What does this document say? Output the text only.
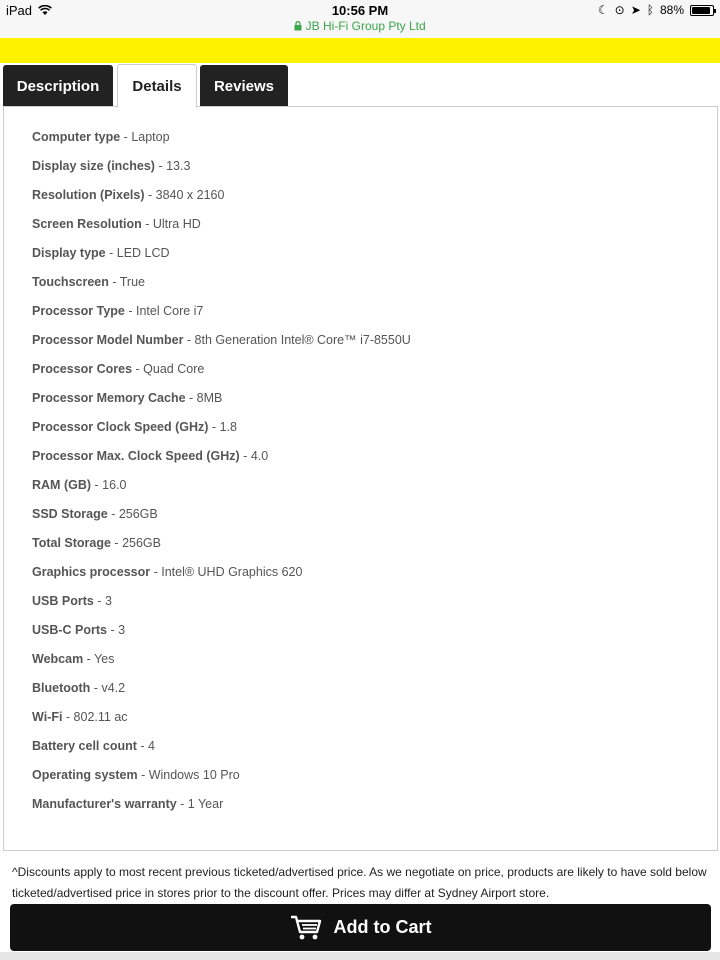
iPad	10:56 PM
JB Hi-Fi Group Pty Ltd
☾ ⊙ ➤ ᛒ 88%
Description	Details	Reviews
Computer type - Laptop
Display size (inches) - 13.3
Resolution (Pixels) - 3840 x 2160
Screen Resolution - Ultra HD
Display type - LED LCD
Touchscreen - True
Processor Type - Intel Core i7
Processor Model Number - 8th Generation Intel® Core™ i7-8550U
Processor Cores - Quad Core
Processor Memory Cache - 8MB
Processor Clock Speed (GHz) - 1.8
Processor Max. Clock Speed (GHz) - 4.0
RAM (GB) - 16.0
SSD Storage - 256GB
Total Storage - 256GB
Graphics processor - Intel® UHD Graphics 620
USB Ports - 3
USB-C Ports - 3
Webcam - Yes
Bluetooth - v4.2
Wi-Fi - 802.11 ac
Battery cell count - 4
Operating system - Windows 10 Pro
Manufacturer's warranty - 1 Year
^Discounts apply to most recent previous ticketed/advertised price. As we negotiate on price, products are likely to have sold below ticketed/advertised price in stores prior to the discount offer. Prices may differ at Sydney Airport store.
Add to Cart
